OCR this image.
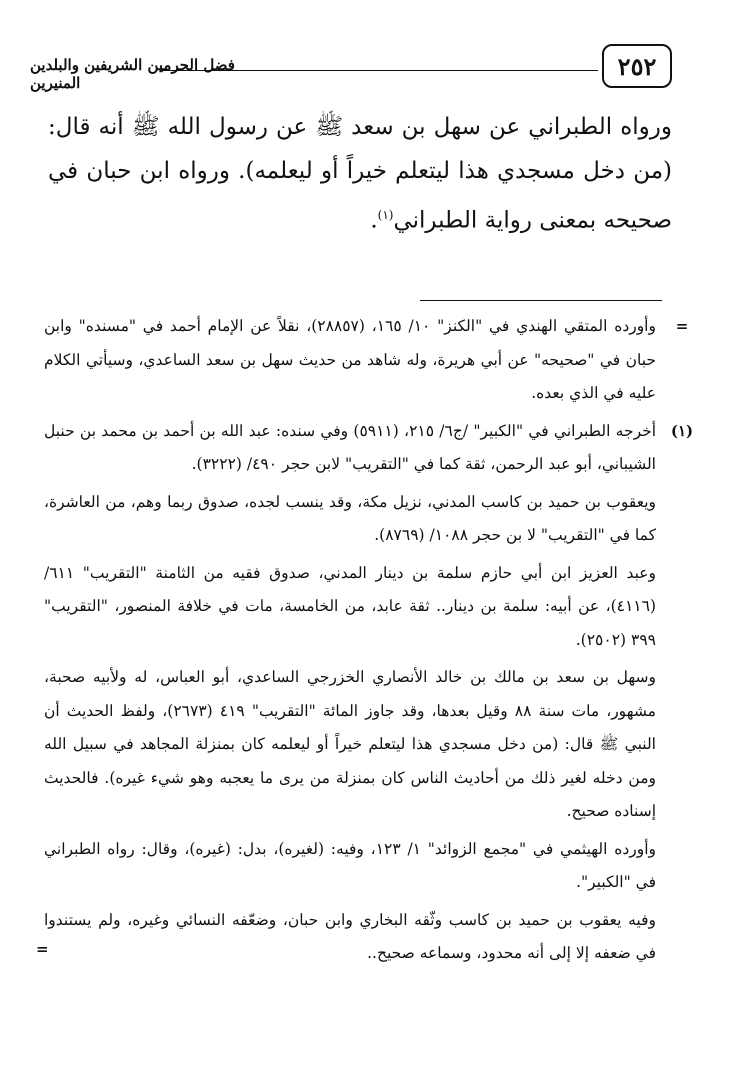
٢٥٢
فضل الحرمين الشريفين والبلدين المنيرين
ورواه الطبراني عن سهل بن سعد ﷺ عن رسول الله ﷺ أنه قال: (من دخل مسجدي هذا ليتعلم خيراً أو ليعلمه). ورواه ابن حبان في صحيحه بمعنى رواية الطبراني$^{(١)}$.
=

وأورده المتقي الهندي في "الكنز" ١٠/ ١٦٥، (٢٨٨٥٧)، نقلاً عن الإمام أحمد في "مسنده" وابن حبان في "صحيحه" عن أبي هريرة، وله شاهد من حديث سهل بن سعد الساعدي، وسيأتي الكلام عليه في الذي بعده.

(١)

أخرجه الطبراني في "الكبير" /ج٦/ ٢١٥، (٥٩١١) وفي سنده: عبد الله بن أحمد بن محمد بن حنبل الشيباني، أبو عبد الرحمن، ثقة كما في "التقريب" لابن حجر ٤٩٠/ (٣٢٢٢).

ويعقوب بن حميد بن كاسب المدني، نزيل مكة، وقد ينسب لجده، صدوق ربما وهم، من العاشرة، كما في "التقريب" لا بن حجر ١٠٨٨/ (٨٧٦٩).

وعبد العزيز ابن أبي حازم سلمة بن دينار المدني، صدوق فقيه من الثامنة "التقريب" ٦١١/ (٤١١٦)، عن أبيه: سلمة بن دينار.. ثقة عابد، من الخامسة، مات في خلافة المنصور، "التقريب" ٣٩٩ (٢٥٠٢).

وسهل بن سعد بن مالك بن خالد الأنصاري الخزرجي الساعدي، أبو العباس، له ولأبيه صحبة، مشهور، مات سنة ٨٨ وقيل بعدها، وقد جاوز المائة "التقريب" ٤١٩ (٢٦٧٣)، ولفظ الحديث أن النبي ﷺ قال: (من دخل مسجدي هذا ليتعلم خيراً أو ليعلمه كان بمنزلة المجاهد في سبيل الله ومن دخله لغير ذلك من أحاديث الناس كان بمنزلة من يرى ما يعجبه وهو شيء غيره). فالحديث إسناده صحيح.

وأورده الهيثمي في "مجمع الزوائد" ١/ ١٢٣، وفيه: (لغيره)، بدل: (غيره)، وقال: رواه الطبراني في "الكبير".

وفيه يعقوب بن حميد بن كاسب وثّقه البخاري وابن حبان، وضعّفه النسائي وغيره، ولم يستندوا في ضعفه إلا إلى أنه محدود، وسماعه صحيح..

=
